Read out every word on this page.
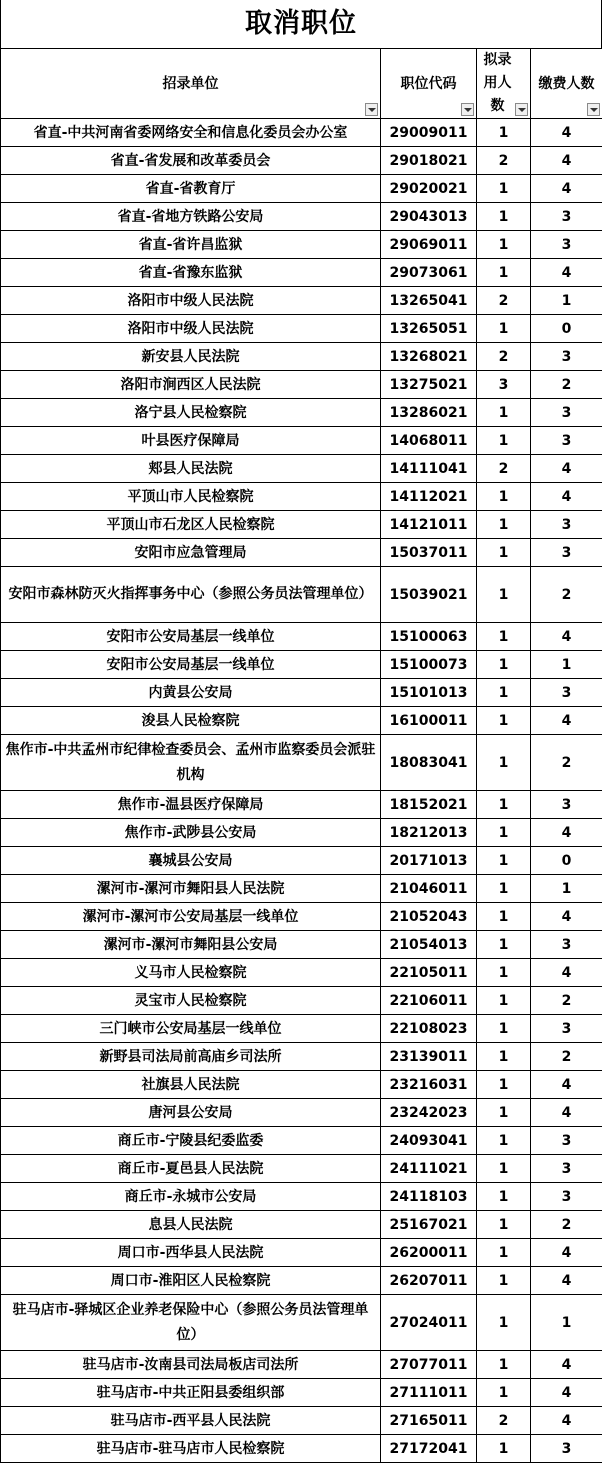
取消职位
招录单位	职位代码	拟录用人数	缴费人数

省直-中共河南省委网络安全和信息化委员会办公室	29009011	1	4
省直-省发展和改革委员会	29018021	2	4
省直-省教育厅	29020021	1	4
省直-省地方铁路公安局	29043013	1	3
省直-省许昌监狱	29069011	1	3
省直-省豫东监狱	29073061	1	4
洛阳市中级人民法院	13265041	2	1
洛阳市中级人民法院	13265051	1	0
新安县人民法院	13268021	2	3
洛阳市涧西区人民法院	13275021	3	2
洛宁县人民检察院	13286021	1	3
叶县医疗保障局	14068011	1	3
郏县人民法院	14111041	2	4
平顶山市人民检察院	14112021	1	4
平顶山市石龙区人民检察院	14121011	1	3
安阳市应急管理局	15037011	1	3
安阳市森林防灭火指挥事务中心（参照公务员法管理单位）	15039021	1	2
安阳市公安局基层一线单位	15100063	1	4
安阳市公安局基层一线单位	15100073	1	1
内黄县公安局	15101013	1	3
浚县人民检察院	16100011	1	4
焦作市-中共孟州市纪律检查委员会、孟州市监察委员会派驻机构	18083041	1	2
焦作市-温县医疗保障局	18152021	1	3
焦作市-武陟县公安局	18212013	1	4
襄城县公安局	20171013	1	0
漯河市-漯河市舞阳县人民法院	21046011	1	1
漯河市-漯河市公安局基层一线单位	21052043	1	4
漯河市-漯河市舞阳县公安局	21054013	1	3
义马市人民检察院	22105011	1	4
灵宝市人民检察院	22106011	1	2
三门峡市公安局基层一线单位	22108023	1	3
新野县司法局前高庙乡司法所	23139011	1	2
社旗县人民法院	23216031	1	4
唐河县公安局	23242023	1	4
商丘市-宁陵县纪委监委	24093041	1	3
商丘市-夏邑县人民法院	24111021	1	3
商丘市-永城市公安局	24118103	1	3
息县人民法院	25167021	1	2
周口市-西华县人民法院	26200011	1	4
周口市-淮阳区人民检察院	26207011	1	4
驻马店市-驿城区企业养老保险中心（参照公务员法管理单位）	27024011	1	1
驻马店市-汝南县司法局板店司法所	27077011	1	4
驻马店市-中共正阳县委组织部	27111011	1	4
驻马店市-西平县人民法院	27165011	2	4
驻马店市-驻马店市人民检察院	27172041	1	3
